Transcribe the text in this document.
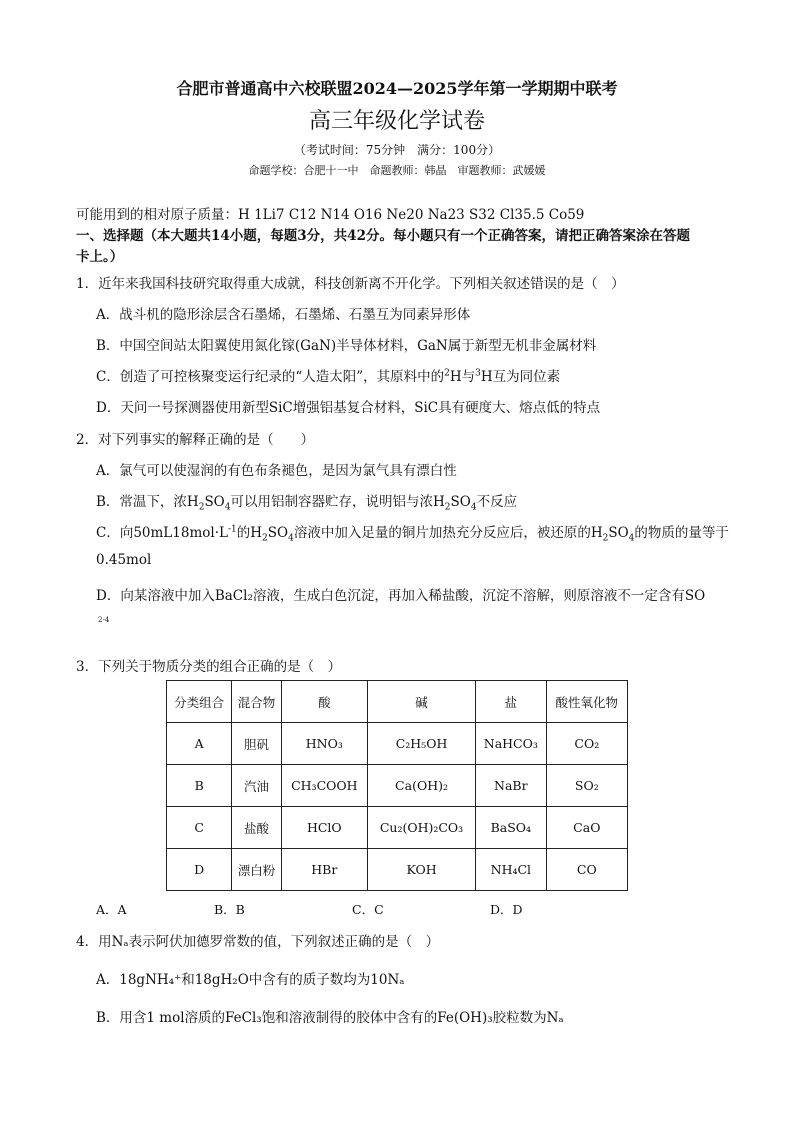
合肥市普通高中六校联盟2024—2025学年第一学期期中联考
高三年级化学试卷
（考试时间：75分钟　满分：100分）
命题学校：合肥十一中　命题教师：韩晶　审题教师：武媛媛
可能用到的相对原子质量：H 1Li7 C12 N14 O16 Ne20 Na23 S32 Cl35.5 Co59
一、选择题（本大题共14小题，每题3分，共42分。每小题只有一个正确答案，请把正确答案涂在答题
卡上。）
1．近年来我国科技研究取得重大成就，科技创新离不开化学。下列相关叙述错误的是（　）
A．战斗机的隐形涂层含石墨烯，石墨烯、石墨互为同素异形体
B．中国空间站太阳翼使用氮化镓(GaN)半导体材料，GaN属于新型无机非金属材料
C．创造了可控核聚变运行纪录的“人造太阳”，其原料中的$^2$H与$^3$H互为同位素
D．天问一号探测器使用新型SiC增强铝基复合材料，SiC具有硬度大、熔点低的特点
2．对下列事实的解释正确的是（　　）
A．氯气可以使湿润的有色布条褪色，是因为氯气具有漂白性
B．常温下，浓$H_2SO_4$可以用铝制容器贮存，说明铝与浓$H_2SO_4$不反应
C．向$50mL18mol\cdot L^{-1}$的$H_2SO_4$溶液中加入足量的铜片加热充分反应后，被还原的$H_2SO_4$的物质的量等于
0.45mol
D．向某溶液中加入BaCl₂溶液，生成白色沉淀，再加入稀盐酸，沉淀不溶解，则原溶液不一定含有SO
2-4
3．下列关于物质分类的组合正确的是（　）
分类组合	混合物	酸	碱	盐	酸性氧化物
A	胆矾	HNO₃	C₂H₅OH	NaHCO₃	CO₂
B	汽油	CH₃COOH	Ca(OH)₂	NaBr	SO₂
C	盐酸	HClO	Cu₂(OH)₂CO₃	BaSO₄	CaO
D	漂白粉	HBr	KOH	NH₄Cl	CO
A．A	B．B	C．C	D．D
4．用Nₐ表示阿伏加德罗常数的值，下列叙述正确的是（　）
A．18gNH₄⁺和18gH₂O中含有的质子数均为10Nₐ
B．用含1 mol溶质的FeCl₃饱和溶液制得的胶体中含有的Fe(OH)₃胶粒数为Nₐ
